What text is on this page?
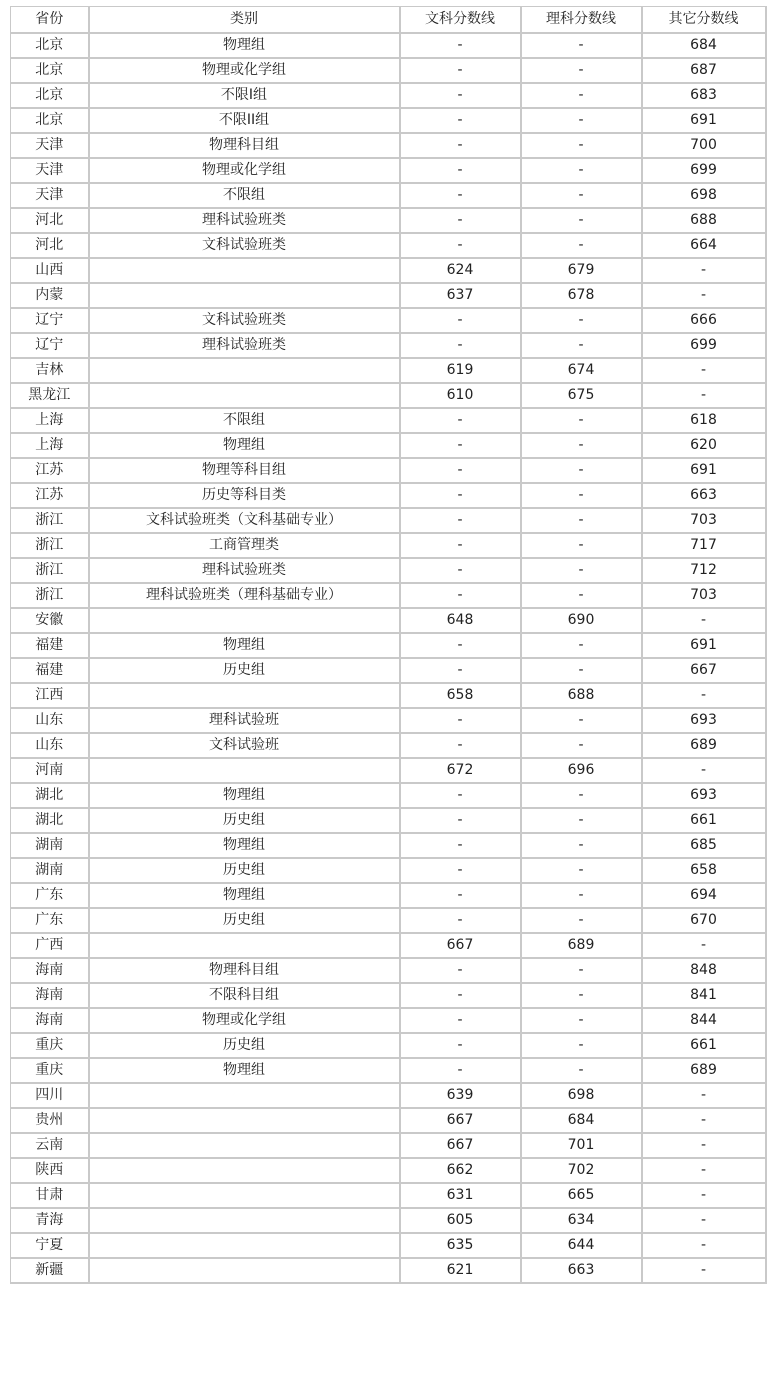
省份	类别	文科分数线	理科分数线	其它分数线
北京	物理组	-	-	684
北京	物理或化学组	-	-	687
北京	不限I组	-	-	683
北京	不限II组	-	-	691
天津	物理科目组	-	-	700
天津	物理或化学组	-	-	699
天津	不限组	-	-	698
河北	理科试验班类	-	-	688
河北	文科试验班类	-	-	664
山西		624	679	-
内蒙		637	678	-
辽宁	文科试验班类	-	-	666
辽宁	理科试验班类	-	-	699
吉林		619	674	-
黑龙江		610	675	-
上海	不限组	-	-	618
上海	物理组	-	-	620
江苏	物理等科目组	-	-	691
江苏	历史等科目类	-	-	663
浙江	文科试验班类（文科基础专业）	-	-	703
浙江	工商管理类	-	-	717
浙江	理科试验班类	-	-	712
浙江	理科试验班类（理科基础专业）	-	-	703
安徽		648	690	-
福建	物理组	-	-	691
福建	历史组	-	-	667
江西		658	688	-
山东	理科试验班	-	-	693
山东	文科试验班	-	-	689
河南		672	696	-
湖北	物理组	-	-	693
湖北	历史组	-	-	661
湖南	物理组	-	-	685
湖南	历史组	-	-	658
广东	物理组	-	-	694
广东	历史组	-	-	670
广西		667	689	-
海南	物理科目组	-	-	848
海南	不限科目组	-	-	841
海南	物理或化学组	-	-	844
重庆	历史组	-	-	661
重庆	物理组	-	-	689
四川		639	698	-
贵州		667	684	-
云南		667	701	-
陕西		662	702	-
甘肃		631	665	-
青海		605	634	-
宁夏		635	644	-
新疆		621	663	-
